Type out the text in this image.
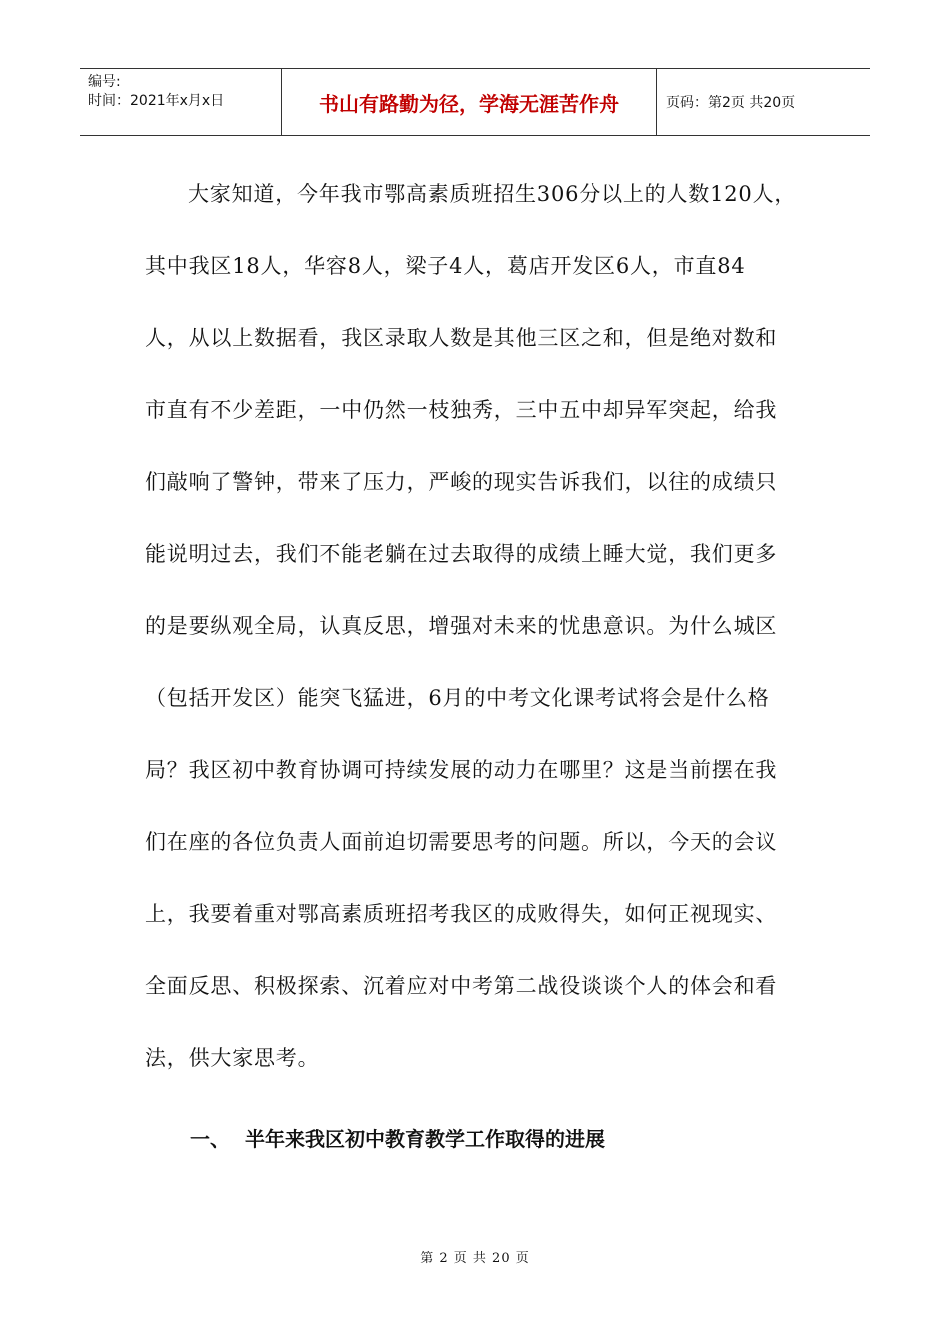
编号:
时间：2021年x月x日	书山有路勤为径，学海无涯苦作舟	页码：第2页 共20页
大家知道，今年我市鄂高素质班招生306分以上的人数120人，
其中我区18人，华容8人，梁子4人，葛店开发区6人，市直84
人，从以上数据看，我区录取人数是其他三区之和，但是绝对数和
市直有不少差距，一中仍然一枝独秀，三中五中却异军突起，给我
们敲响了警钟，带来了压力，严峻的现实告诉我们，以往的成绩只
能说明过去，我们不能老躺在过去取得的成绩上睡大觉，我们更多
的是要纵观全局，认真反思，增强对未来的忧患意识。为什么城区
（包括开发区）能突飞猛进，6月的中考文化课考试将会是什么格
局？我区初中教育协调可持续发展的动力在哪里？这是当前摆在我
们在座的各位负责人面前迫切需要思考的问题。所以，今天的会议
上，我要着重对鄂高素质班招考我区的成败得失，如何正视现实、
全面反思、积极探索、沉着应对中考第二战役谈谈个人的体会和看
法，供大家思考。
一、 半年来我区初中教育教学工作取得的进展
第 2 页 共 20 页
